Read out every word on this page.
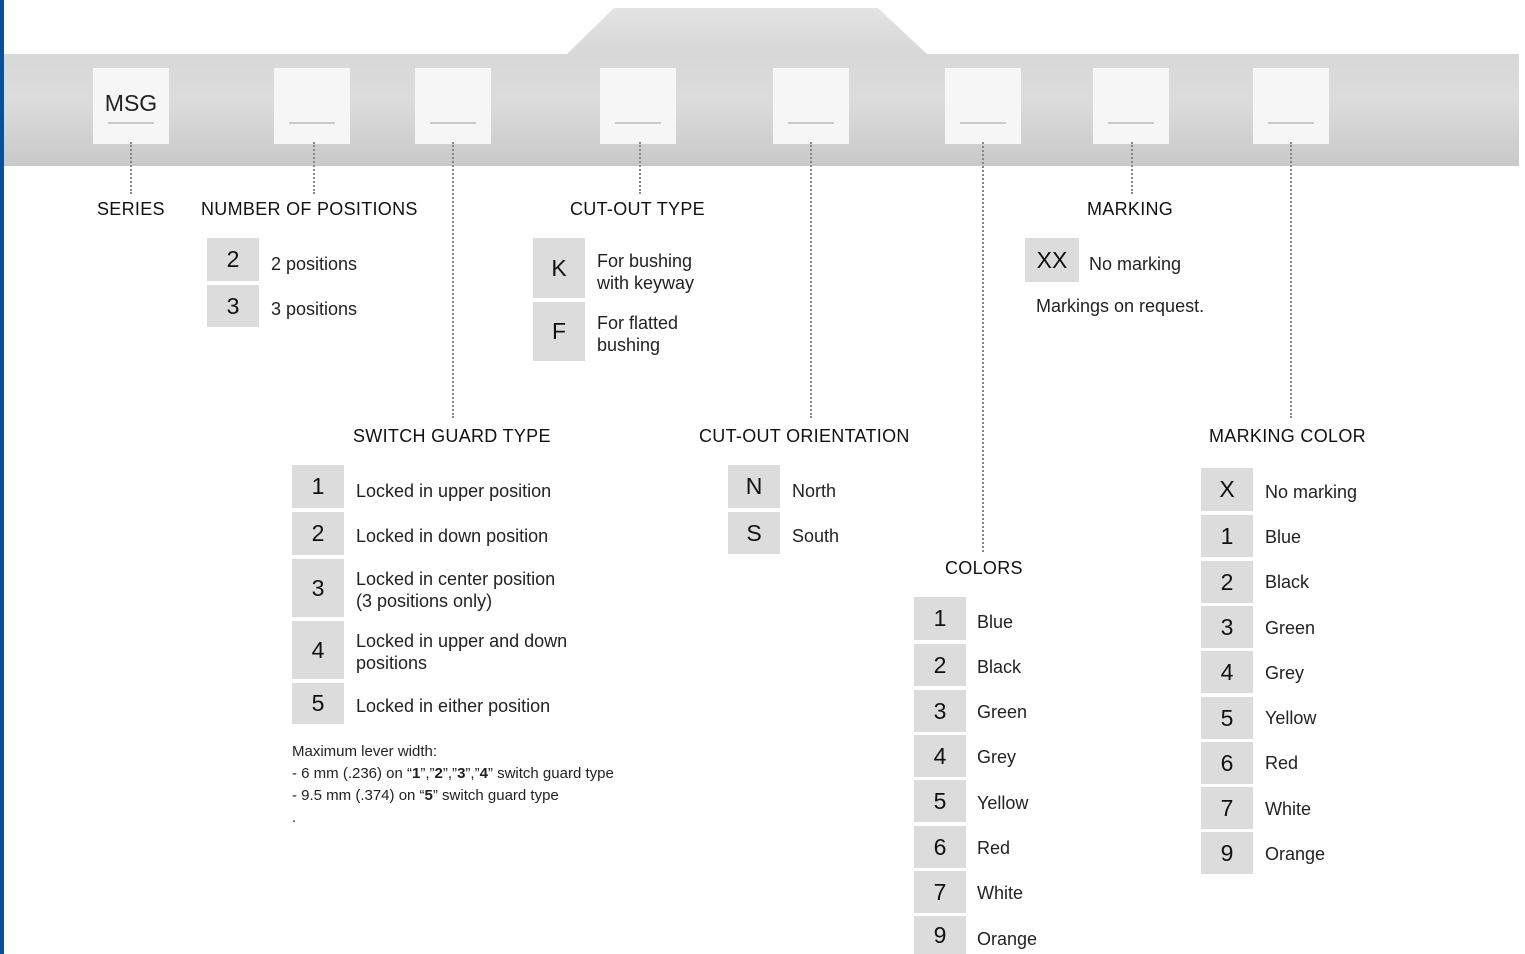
MSG
SERIES NUMBER OF POSITIONS	CUT-OUT TYPE	MARKING
SWITCH GUARD TYPE	CUT-OUT ORIENTATION	MARKING COLOR
COLORS
2	2 positions
3	3 positions
K	For bushing
with keyway
F	For flatted
bushing
XX	No marking
Markings on request.
1	Locked in upper position
2	Locked in down position
3	Locked in center position
(3 positions only)
4	Locked in upper and down
positions
5	Locked in either position
Maximum lever width:
- 6 mm (.236) on “1”,”2”,”3”,”4” switch guard type
- 9.5 mm (.374) on “5” switch guard type
.
N	North
S	South
1	Blue
2	Black
3	Green
4	Grey
5	Yellow
6	Red
7	White
9	Orange
X	No marking
1	Blue
2	Black
3	Green
4	Grey
5	Yellow
6	Red
7	White
9	Orange
